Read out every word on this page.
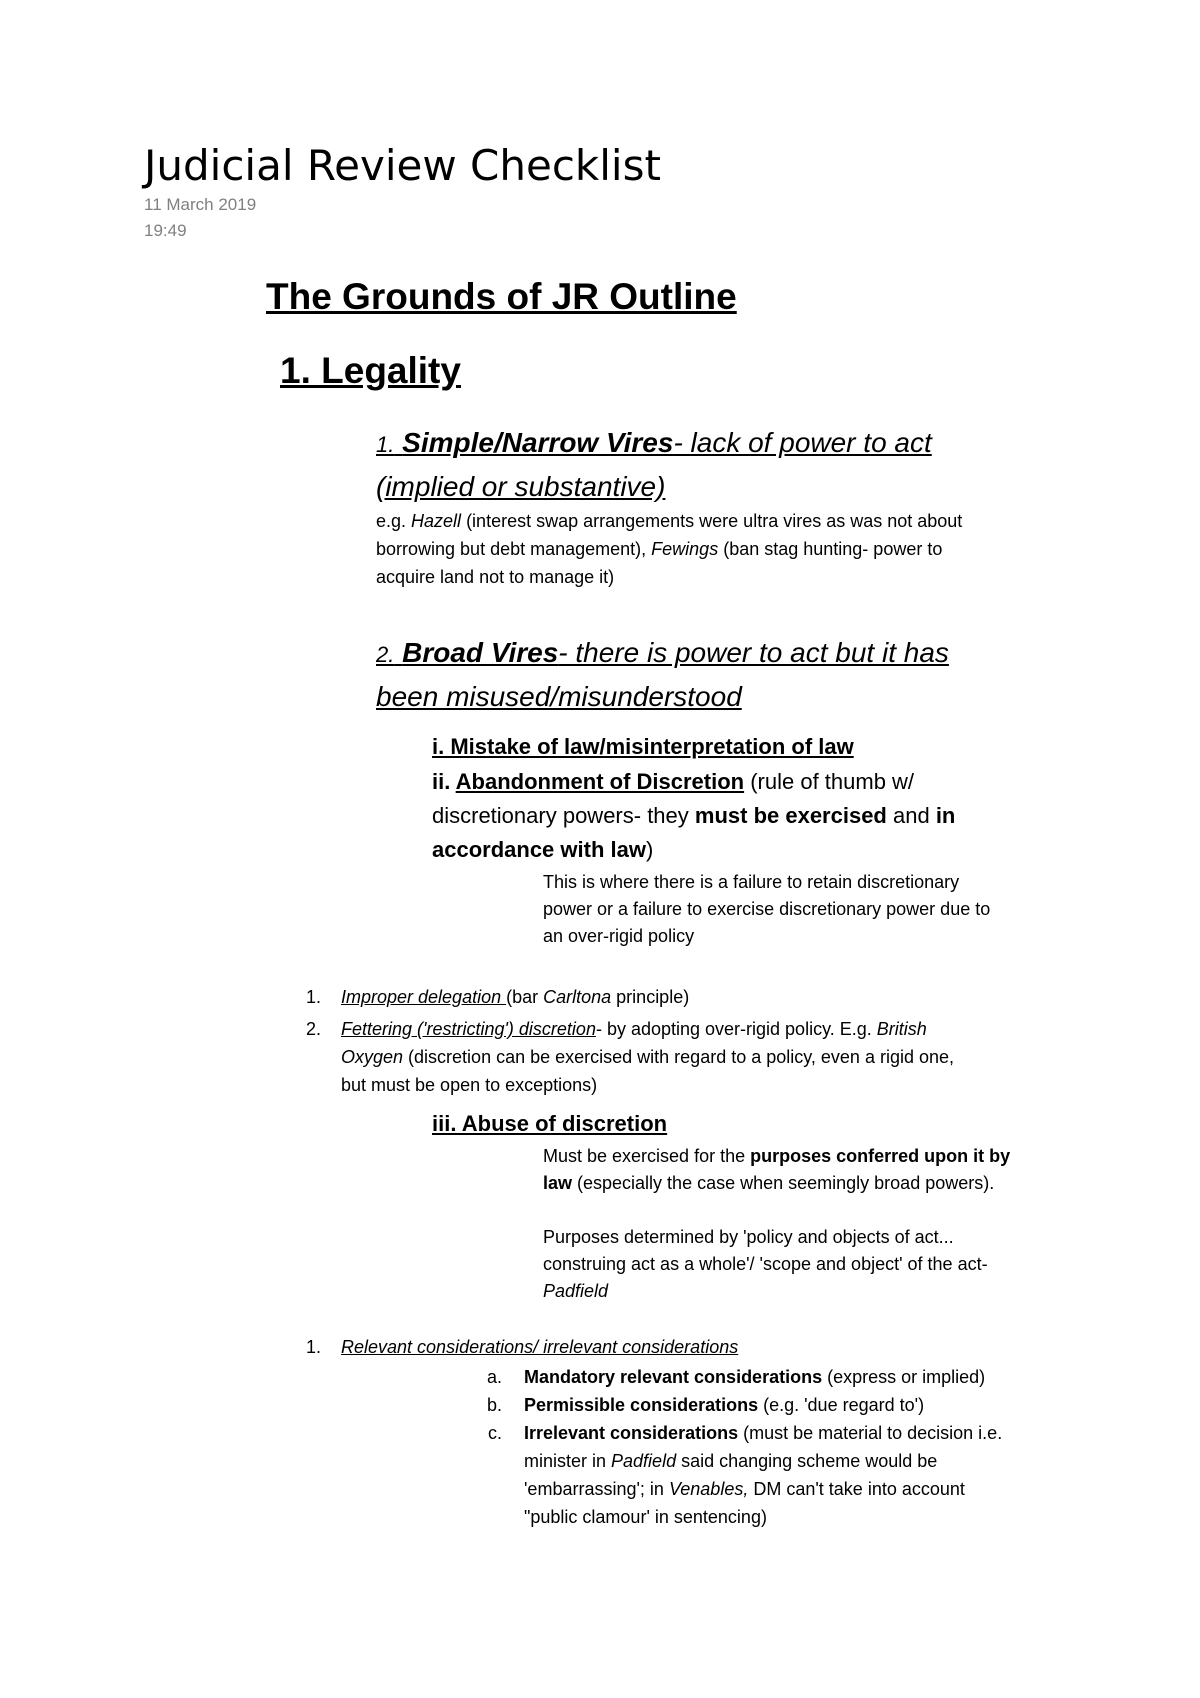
Judicial Review Checklist
11 March 2019
19:49
The Grounds of JR Outline
1. Legality
1. Simple/Narrow Vires- lack of power to act
(implied or substantive)
e.g. Hazell (interest swap arrangements were ultra vires as was not about
borrowing but debt management), Fewings (ban stag hunting- power to
acquire land not to manage it)
2. Broad Vires- there is power to act but it has
been misused/misunderstood
i. Mistake of law/misinterpretation of law
ii. Abandonment of Discretion (rule of thumb w/
discretionary powers- they must be exercised and in
accordance with law)
This is where there is a failure to retain discretionary
power or a failure to exercise discretionary power due to
an over-rigid policy
1. Improper delegation (bar Carltona principle)
2. Fettering ('restricting') discretion- by adopting over-rigid policy. E.g. British
Oxygen (discretion can be exercised with regard to a policy, even a rigid one,
but must be open to exceptions)
iii. Abuse of discretion
Must be exercised for the purposes conferred upon it by
law (especially the case when seemingly broad powers).
Purposes determined by 'policy and objects of act...
construing act as a whole'/ 'scope and object' of the act-
Padfield
1. Relevant considerations/ irrelevant considerations
a. Mandatory relevant considerations (express or implied)
b. Permissible considerations (e.g. 'due regard to')
c. Irrelevant considerations (must be material to decision i.e.
minister in Padfield said changing scheme would be
'embarrassing'; in Venables, DM can't take into account
"public clamour' in sentencing)
